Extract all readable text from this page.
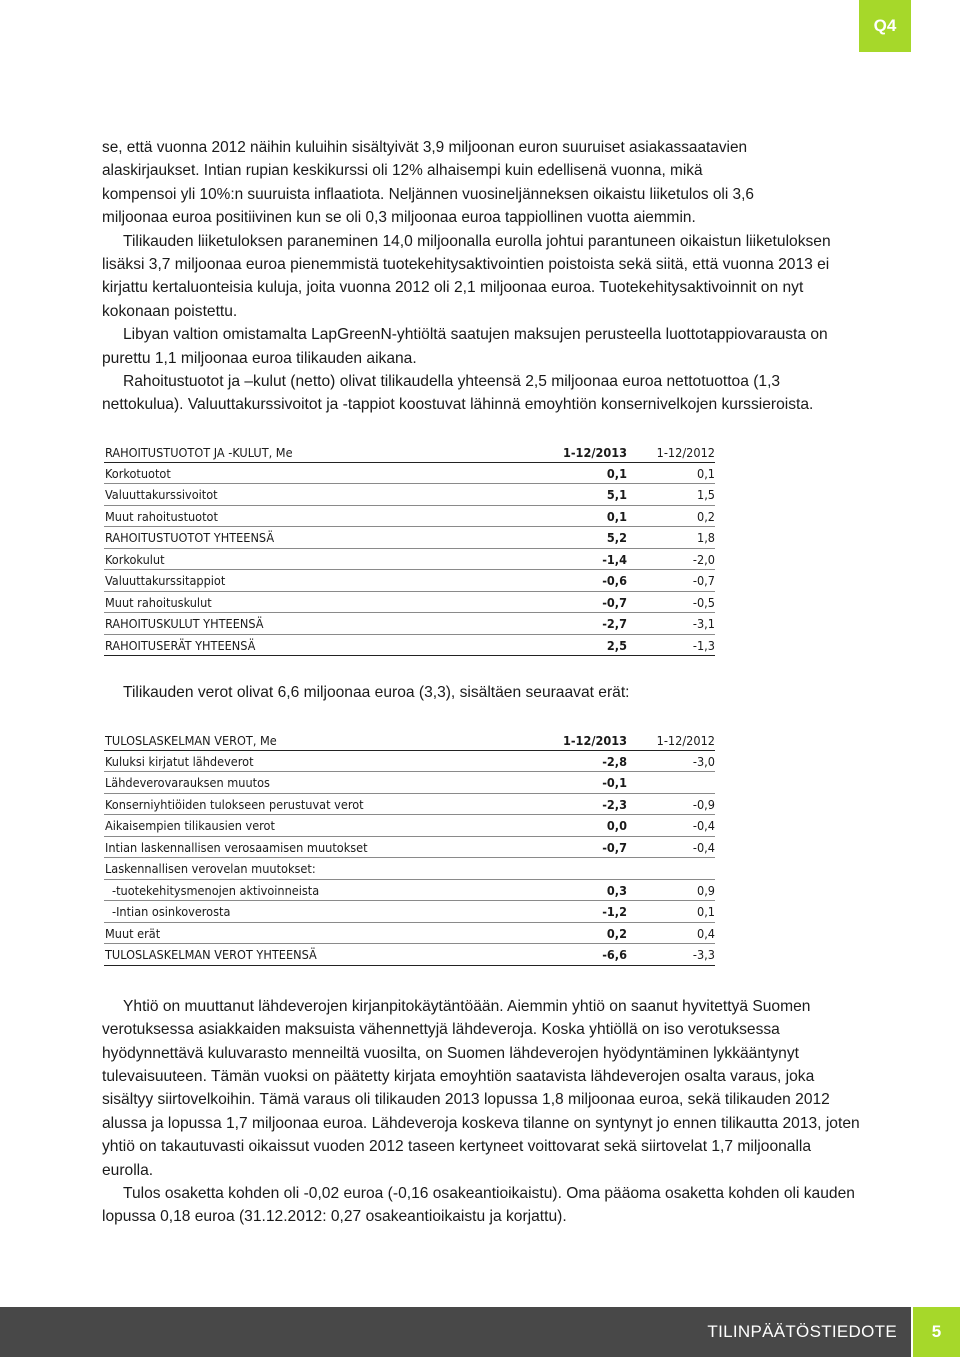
Q4

se, että vuonna 2012 näihin kuluihin sisältyivät 3,9 miljoonan euron suuruiset asiakassaatavien
alaskirjaukset. Intian rupian keskikurssi oli 12% alhaisempi kuin edellisenä vuonna, mikä
kompensoi yli 10%:n suuruista inflaatiota. Neljännen vuosineljänneksen oikaistu liiketulos oli 3,6
miljoonaa euroa positiivinen kun se oli 0,3 miljoonaa euroa tappiollinen vuotta aiemmin.

Tilikauden liiketuloksen paraneminen 14,0 miljoonalla eurolla johtui parantuneen oikaistun liiketuloksen lisäksi 3,7 miljoonaa euroa pienemmistä tuotekehitysaktivointien poistoista sekä siitä, että vuonna 2013 ei kirjattu kertaluonteisia kuluja, joita vuonna 2012 oli 2,1 miljoonaa euroa. Tuotekehitysaktivoinnit on nyt kokonaan poistettu.

Libyan valtion omistamalta LapGreenN-yhtiöltä saatujen maksujen perusteella luottotappiovarausta on purettu 1,1 miljoonaa euroa tilikauden aikana.

Rahoitustuotot ja –kulut (netto) olivat tilikaudella yhteensä 2,5 miljoonaa euroa nettotuottoa (1,3 nettokulua). Valuuttakurssivoitot ja -tappiot koostuvat lähinnä emoyhtiön konsernivelkojen kurssieroista.

RAHOITUSTUOTOT JA -KULUT, Me	1-12/2013	1-12/2012
Korkotuotot	0,1	0,1
Valuuttakurssivoitot	5,1	1,5
Muut rahoitustuotot	0,1	0,2
RAHOITUSTUOTOT YHTEENSÄ	5,2	1,8
Korkokulut	-1,4	-2,0
Valuuttakurssitappiot	-0,6	-0,7
Muut rahoituskulut	-0,7	-0,5
RAHOITUSKULUT YHTEENSÄ	-2,7	-3,1
RAHOITUSERÄT YHTEENSÄ	2,5	-1,3

Tilikauden verot olivat 6,6 miljoonaa euroa (3,3), sisältäen seuraavat erät:

TULOSLASKELMAN VEROT, Me	1-12/2013	1-12/2012
Kuluksi kirjatut lähdeverot	-2,8	-3,0
Lähdeverovarauksen muutos	-0,1	
Konserniyhtiöiden tulokseen perustuvat verot	-2,3	-0,9
Aikaisempien tilikausien verot	0,0	-0,4
Intian laskennallisen verosaamisen muutokset	-0,7	-0,4
Laskennallisen verovelan muutokset:		
-tuotekehitysmenojen aktivoinneista	0,3	0,9
-Intian osinkoverosta	-1,2	0,1
Muut erät	0,2	0,4
TULOSLASKELMAN VEROT YHTEENSÄ	-6,6	-3,3

Yhtiö on muuttanut lähdeverojen kirjanpitokäytäntöään. Aiemmin yhtiö on saanut hyvitettyä Suomen verotuksessa asiakkaiden maksuista vähennettyjä lähdeveroja. Koska yhtiöllä on iso verotuksessa hyödynnettävä kuluvarasto menneiltä vuosilta, on Suomen lähdeverojen hyödyntäminen lykkääntynyt tulevaisuuteen. Tämän vuoksi on päätetty kirjata emoyhtiön saatavista lähdeverojen osalta varaus, joka sisältyy siirtovelkoihin. Tämä varaus oli tilikauden 2013 lopussa 1,8 miljoonaa euroa, sekä tilikauden 2012 alussa ja lopussa 1,7 miljoonaa euroa. Lähdeveroja koskeva tilanne on syntynyt jo ennen tilikautta 2013, joten yhtiö on takautuvasti oikaissut vuoden 2012 taseen kertyneet voittovarat sekä siirtovelat 1,7 miljoonalla eurolla.

Tulos osaketta kohden oli -0,02 euroa (-0,16 osakeantioikaistu). Oma pääoma osaketta kohden oli kauden lopussa 0,18 euroa (31.12.2012: 0,27 osakeantioikaistu ja korjattu).

TILINPÄÄTÖSTIEDOTE 5
